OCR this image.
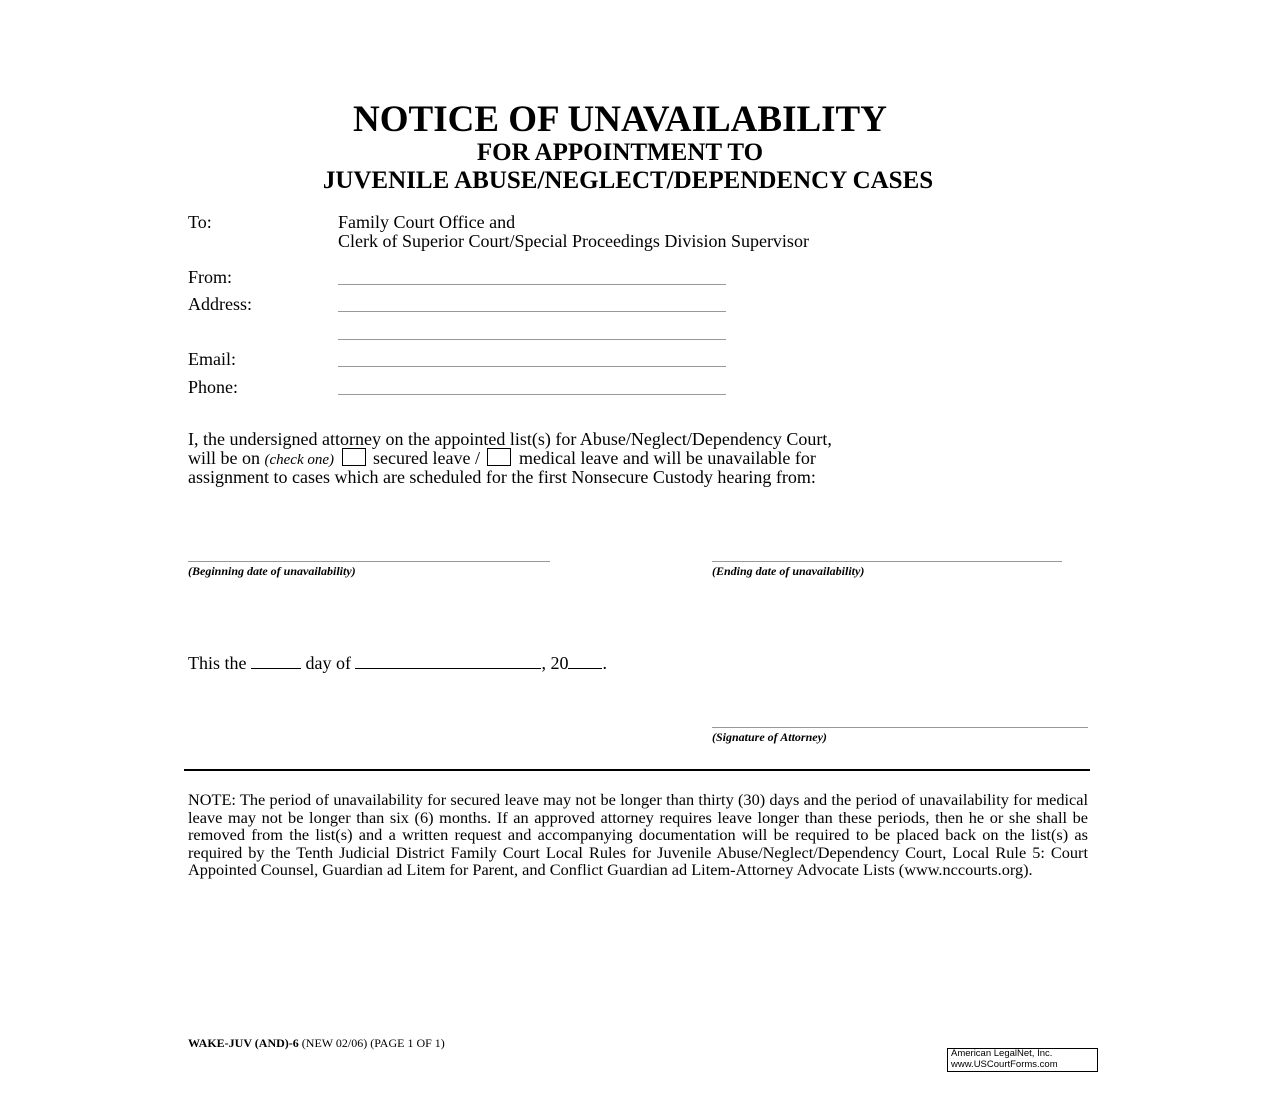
NOTICE OF UNAVAILABILITY
FOR APPOINTMENT TO
JUVENILE ABUSE/NEGLECT/DEPENDENCY CASES
To:	Family Court Office and
Clerk of Superior Court/Special Proceedings Division Supervisor
From:
Address:
Email:
Phone:
I, the undersigned attorney on the appointed list(s) for Abuse/Neglect/Dependency Court,
will be on (check one) secured leave / medical leave and will be unavailable for
assignment to cases which are scheduled for the first Nonsecure Custody hearing from:
(Beginning date of unavailability)	(Ending date of unavailability)
This the	day of	, 20 .
(Signature of Attorney)
NOTE: The period of unavailability for secured leave may not be longer than thirty (30) days and the period of unavailability for medical leave may not be longer than six (6) months. If an approved attorney requires leave longer than these periods, then he or she shall be removed from the list(s) and a written request and accompanying documentation will be required to be placed back on the list(s) as required by the Tenth Judicial District Family Court Local Rules for Juvenile Abuse/Neglect/Dependency Court, Local Rule 5: Court Appointed Counsel, Guardian ad Litem for Parent, and Conflict Guardian ad Litem-Attorney Advocate Lists (www.nccourts.org).
WAKE-JUV (AND)-6 (NEW 02/06) (PAGE 1 OF 1)
American LegalNet, Inc.
www.USCourtForms.com
